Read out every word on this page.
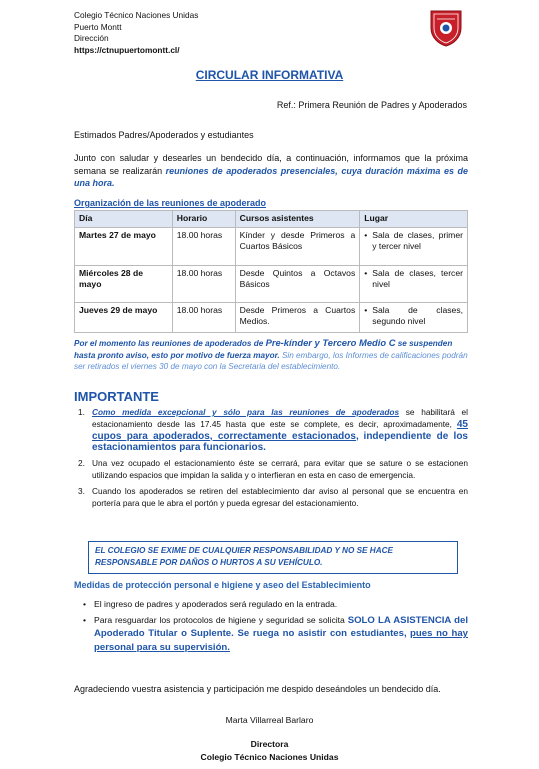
Colegio Técnico Naciones Unidas
Puerto Montt
Dirección
https://ctnupuertomontt.cl/
CIRCULAR INFORMATIVA
Ref.: Primera Reunión de Padres y Apoderados
Estimados Padres/Apoderados y estudiantes
Junto con saludar y desearles un bendecido día, a continuación, informamos que la próxima semana se realizarán reuniones de apoderados presenciales, cuya duración máxima es de una hora.
Organización de las reuniones de apoderado
Día	Horario	Cursos asistentes	Lugar
Martes 27 de mayo	18.00 horas	Kínder y desde Primeros a Cuartos Básicos	• Sala de clases, primer y tercer nivel

Miércoles 28 de mayo	18.00 horas	Desde Quintos a Octavos Básicos	• Sala de clases, tercer nivel

Jueves 29 de mayo	18.00 horas	Desde Primeros a Cuartos Medios.	• Sala de clases, segundo nivel
Por el momento las reuniones de apoderados de Pre-kínder y Tercero Medio C se suspenden hasta pronto aviso, esto por motivo de fuerza mayor. Sin embargo, los Informes de calificaciones podrán ser retirados el viernes 30 de mayo con la Secretaria del establecimiento.
IMPORTANTE
1. Como medida excepcional y sólo para las reuniones de apoderados se habilitará el estacionamiento desde las 17.45 hasta que este se complete, es decir, aproximadamente, 45 cupos para apoderados, correctamente estacionados, independiente de los estacionamientos para funcionarios.
2. Una vez ocupado el estacionamiento éste se cerrará, para evitar que se sature o se estacionen utilizando espacios que impidan la salida y o interfieran en esta en caso de emergencia.
3. Cuando los apoderados se retiren del establecimiento dar aviso al personal que se encuentra en portería para que le abra el portón y pueda egresar del estacionamiento.
EL COLEGIO SE EXIME DE CUALQUIER RESPONSABILIDAD Y NO SE HACE RESPONSABLE POR DAÑOS O HURTOS A SU VEHÍCULO.
Medidas de protección personal e higiene y aseo del Establecimiento
• El ingreso de padres y apoderados será regulado en la entrada.
• Para resguardar los protocolos de higiene y seguridad se solicita SOLO LA ASISTENCIA del Apoderado Titular o Suplente. Se ruega no asistir con estudiantes, pues no hay personal para su supervisión.
Agradeciendo vuestra asistencia y participación me despido deseándoles un bendecido día.
Marta Villarreal Barlaro
Directora
Colegio Técnico Naciones Unidas
